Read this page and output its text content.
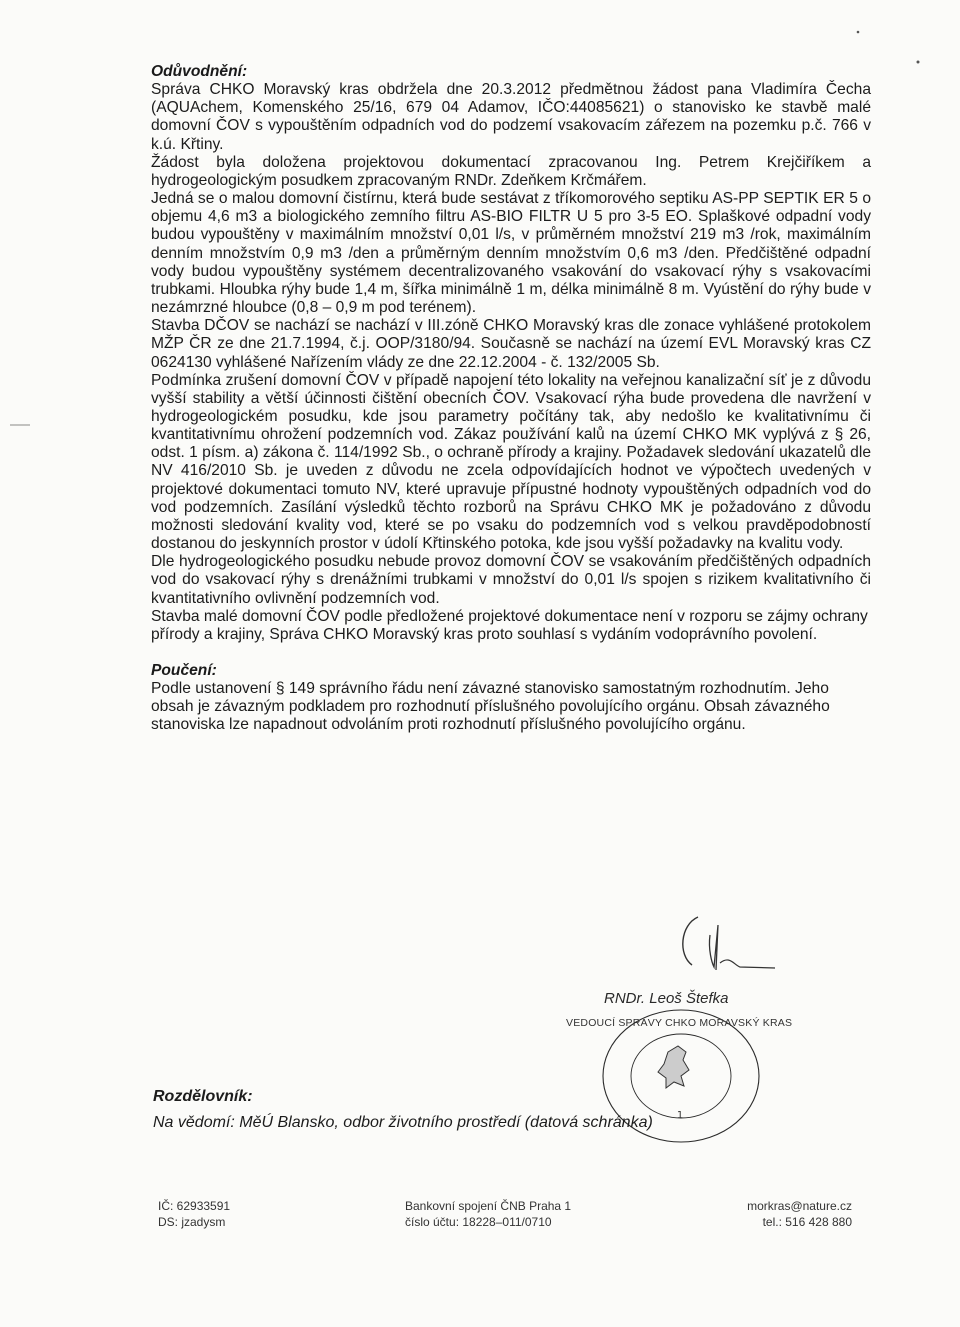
Odůvodnění:

Správa CHKO Moravský kras obdržela dne 20.3.2012 předmětnou žádost pana Vladimíra Čecha (AQUAchem, Komenského 25/16, 679 04 Adamov, IČO:44085621) o stanovisko ke stavbě malé domovní ČOV s vypouštěním odpadních vod do podzemí vsakovacím zářezem na pozemku p.č. 766 v k.ú. Křtiny.

Žádost byla doložena projektovou dokumentací zpracovanou Ing. Petrem Krejčiříkem a hydrogeologickým posudkem zpracovaným RNDr. Zdeňkem Krčmářem.

Jedná se o malou domovní čistírnu, která bude sestávat z tříkomorového septiku AS-PP SEPTIK ER 5 o objemu 4,6 m3 a biologického zemního filtru AS-BIO FILTR U 5 pro 3-5 EO. Splaškové odpadní vody budou vypouštěny v maximálním množství 0,01 l/s, v průměrném množství 219 m3 /rok, maximálním denním množstvím 0,9 m3 /den a průměrným denním množstvím 0,6 m3 /den. Předčištěné odpadní vody budou vypouštěny systémem decentralizovaného vsakování do vsakovací rýhy s vsakovacími trubkami. Hloubka rýhy bude 1,4 m, šířka minimálně 1 m, délka minimálně 8 m. Vyústění do rýhy bude v nezámrzné hloubce (0,8 – 0,9 m pod terénem).

Stavba DČOV se nachází se nachází v III.zóně CHKO Moravský kras dle zonace vyhlášené protokolem MŽP ČR ze dne 21.7.1994, č.j. OOP/3180/94. Současně se nachází na území EVL Moravský kras CZ 0624130 vyhlášené Nařízením vlády ze dne 22.12.2004 - č. 132/2005 Sb.

Podmínka zrušení domovní ČOV v případě napojení této lokality na veřejnou kanalizační síť je z důvodu vyšší stability a větší účinnosti čištění obecních ČOV. Vsakovací rýha bude provedena dle navržení v hydrogeologickém posudku, kde jsou parametry počítány tak, aby nedošlo ke kvalitativnímu či kvantitativnímu ohrožení podzemních vod. Zákaz používání kalů na území CHKO MK vyplývá z § 26, odst. 1 písm. a) zákona č. 114/1992 Sb., o ochraně přírody a krajiny. Požadavek sledování ukazatelů dle NV 416/2010 Sb. je uveden z důvodu ne zcela odpovídajících hodnot ve výpočtech uvedených v projektové dokumentaci tomuto NV, které upravuje přípustné hodnoty vypouštěných odpadních vod do vod podzemních. Zasílání výsledků těchto rozborů na Správu CHKO MK je požadováno z důvodu možnosti sledování kvality vod, které se po vsaku do podzemních vod s velkou pravděpodobností dostanou do jeskynních prostor v údolí Křtinského potoka, kde jsou vyšší požadavky na kvalitu vody.

Dle hydrogeologického posudku nebude provoz domovní ČOV se vsakováním předčištěných odpadních vod do vsakovací rýhy s drenážními trubkami v množství do 0,01 l/s spojen s rizikem kvalitativního či kvantitativního ovlivnění podzemních vod.

Stavba malé domovní ČOV podle předložené projektové dokumentace není v rozporu se zájmy ochrany přírody a krajiny, Správa CHKO Moravský kras proto souhlasí s vydáním vodoprávního povolení.

Poučení:

Podle ustanovení § 149 správního řádu není závazné stanovisko samostatným rozhodnutím. Jeho obsah je závazným podkladem pro rozhodnutí příslušného povolujícího orgánu. Obsah závazného stanoviska lze napadnout odvoláním proti rozhodnutí příslušného povolujícího orgánu.

RNDr. Leoš Štefka
VEDOUCÍ SPRÁVY CHKO MORAVSKÝ KRAS
1
Rozdělovník:
Na vědomí: MěÚ Blansko, odbor životního prostředí (datová schránka)
IČ: 62933591
DS: jzadysm
Bankovní spojení ČNB Praha 1
číslo účtu: 18228–011/0710
morkras@nature.cz
tel.: 516 428 880
